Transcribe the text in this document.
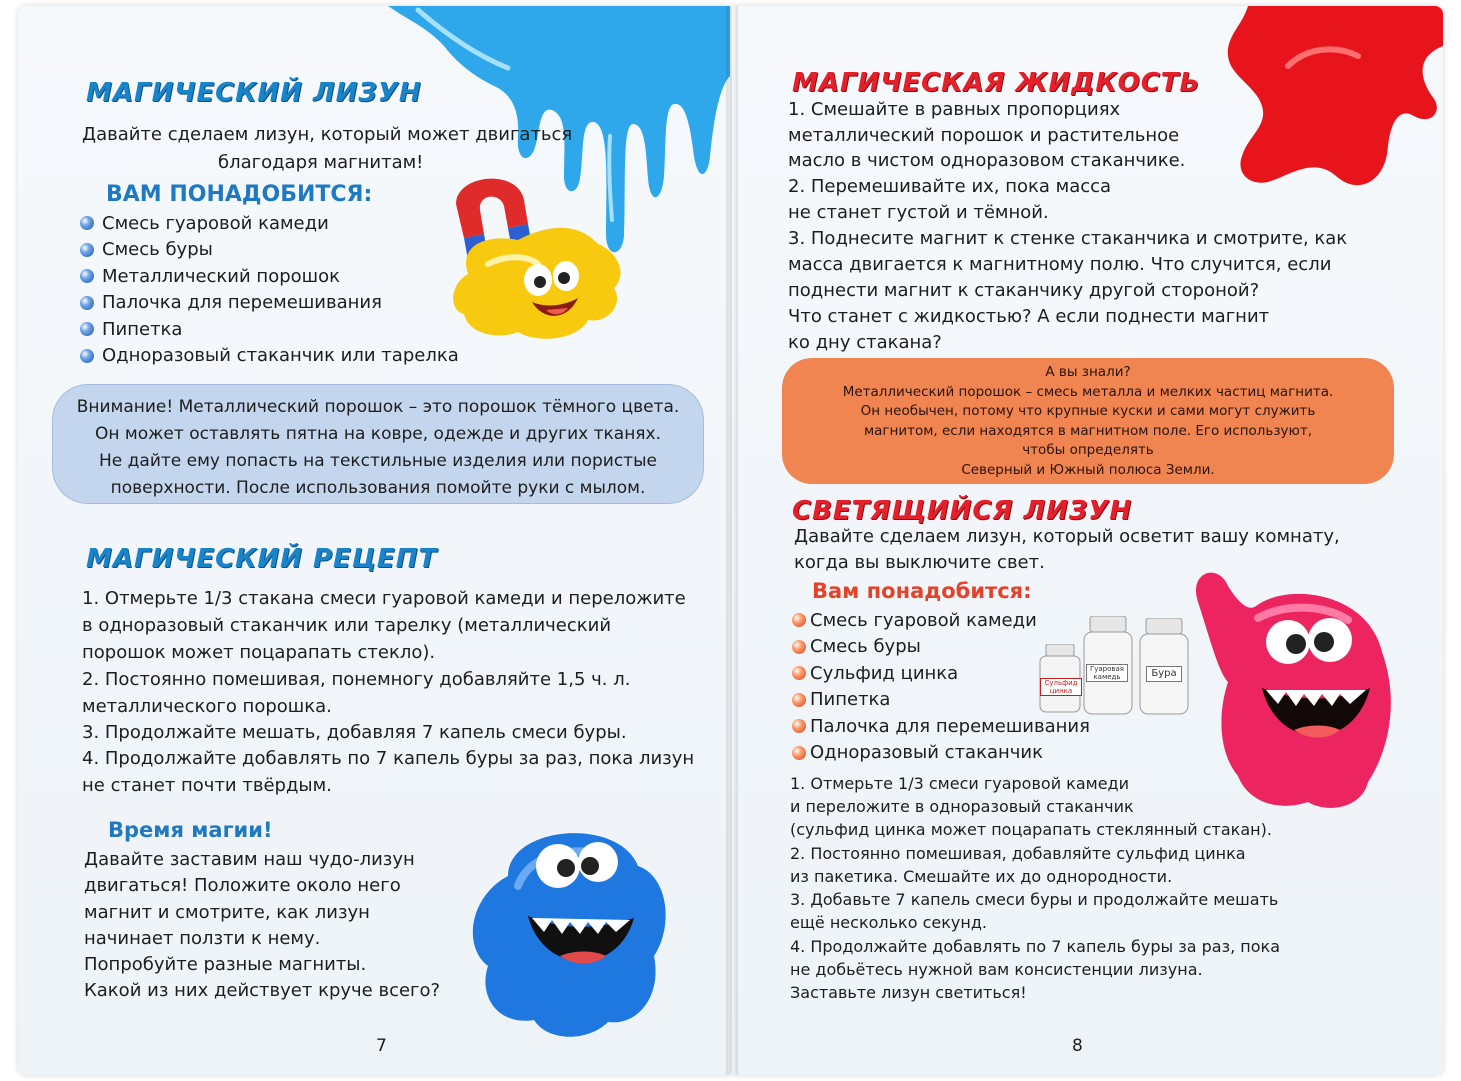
МАГИЧЕСКИЙ ЛИЗУН
Давайте сделаем лизун, который может двигаться
благодаря магнитам!
ВАМ ПОНАДОБИТСЯ:
Смесь гуаровой камеди
Смесь буры
Металлический порошок
Палочка для перемешивания
Пипетка
Одноразовый стаканчик или тарелка
Внимание! Металлический порошок – это порошок тёмного цвета.
Он может оставлять пятна на ковре, одежде и других тканях.
Не дайте ему попасть на текстильные изделия или пористые
поверхности. После использования помойте руки с мылом.
МАГИЧЕСКИЙ РЕЦЕПТ
1. Отмерьте 1/3 стакана смеси гуаровой камеди и переложите
в одноразовый стаканчик или тарелку (металлический
порошок может поцарапать стекло).
2. Постоянно помешивая, понемногу добавляйте 1,5 ч. л.
металлического порошка.
3. Продолжайте мешать, добавляя 7 капель смеси буры.
4. Продолжайте добавлять по 7 капель буры за раз, пока лизун
не станет почти твёрдым.
Время магии!
Давайте заставим наш чудо-лизун
двигаться! Положите около него
магнит и смотрите, как лизун
начинает ползти к нему.
Попробуйте разные магниты.
Какой из них действует круче всего?
7
МАГИЧЕСКАЯ ЖИДКОСТЬ
1. Смешайте в равных пропорциях
металлический порошок и растительное
масло в чистом одноразовом стаканчике.
2. Перемешивайте их, пока масса
не станет густой и тёмной.
3. Поднесите магнит к стенке стаканчика и смотрите, как
масса двигается к магнитному полю. Что случится, если
поднести магнит к стаканчику другой стороной?
Что станет с жидкостью? А если поднести магнит
ко дну стакана?
А вы знали?
Металлический порошок – смесь металла и мелких частиц магнита.
Он необычен, потому что крупные куски и сами могут служить
магнитом, если находятся в магнитном поле. Его используют,
чтобы определять
Северный и Южный полюса Земли.
СВЕТЯЩИЙСЯ ЛИЗУН
Давайте сделаем лизун, который осветит вашу комнату,
когда вы выключите свет.
Вам понадобится:
Смесь гуаровой камеди
Смесь буры
Сульфид цинка
Пипетка
Палочка для перемешивания
Одноразовый стаканчик
Сульфид цинка
Гуаровая камедь	Бура
1. Отмерьте 1/3 смеси гуаровой камеди
и переложите в одноразовый стаканчик
(сульфид цинка может поцарапать стеклянный стакан).
2. Постоянно помешивая, добавляйте сульфид цинка
из пакетика. Смешайте их до однородности.
3. Добавьте 7 капель смеси буры и продолжайте мешать
ещё несколько секунд.
4. Продолжайте добавлять по 7 капель буры за раз, пока
не добьётесь нужной вам консистенции лизуна.
Заставьте лизун светиться!
8
